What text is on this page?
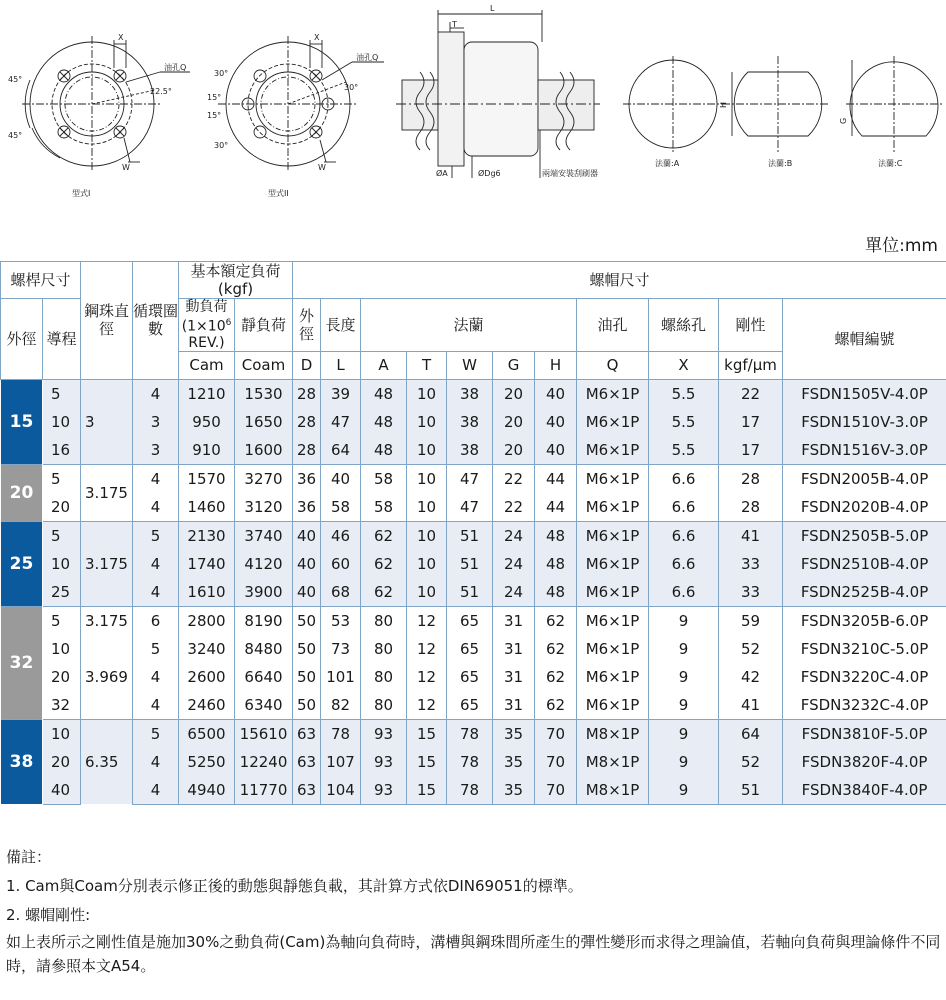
X
油孔Q
45°
45°
22.5°
W
型式I
X
油孔Q
30°
30°
30°
15°
15°
W
型式II
L
T
ØA	ØDg6	兩端安裝刮刷器
法蘭:A	法蘭:B	法蘭:C
H
G
單位:mm
螺桿尺寸		鋼珠直徑	循環圈數	基本額定負荷(kgf)		螺帽尺寸										
外徑	導程			動負荷
($1\times 10^6$
REV.)	靜負荷	外徑	長度	法蘭					油孔	螺絲孔	剛性	螺帽編號
				Cam	Coam	D	L	A	T	W	G	H	Q	X	kgf/μm	
15	5	3	4	1210	1530	28	39	48	10	38	20	40	M6×1P	5.5	22	FSDN1505V-4.0P
	10		3	950	1650	28	47	48	10	38	20	40	M6×1P	5.5	17	FSDN1510V-3.0P
	16		3	910	1600	28	64	48	10	38	20	40	M6×1P	5.5	17	FSDN1516V-3.0P
20	5	3.175	4	1570	3270	36	40	58	10	47	22	44	M6×1P	6.6	28	FSDN2005B-4.0P
	20		4	1460	3120	36	58	58	10	47	22	44	M6×1P	6.6	28	FSDN2020B-4.0P
25	5	3.175	5	2130	3740	40	46	62	10	51	24	48	M6×1P	6.6	41	FSDN2505B-5.0P
	10		4	1740	4120	40	60	62	10	51	24	48	M6×1P	6.6	33	FSDN2510B-4.0P
	25		4	1610	3900	40	68	62	10	51	24	48	M6×1P	6.6	33	FSDN2525B-4.0P
32	5	3.175	6	2800	8190	50	53	80	12	65	31	62	M6×1P	9	59	FSDN3205B-6.0P
	10	3.969	5	3240	8480	50	73	80	12	65	31	62	M6×1P	9	52	FSDN3210C-5.0P
	20		4	2600	6640	50	101	80	12	65	31	62	M6×1P	9	42	FSDN3220C-4.0P
	32		4	2460	6340	50	82	80	12	65	31	62	M6×1P	9	41	FSDN3232C-4.0P
38	10	6.35	5	6500	15610	63	78	93	15	78	35	70	M8×1P	9	64	FSDN3810F-5.0P
	20		4	5250	12240	63	107	93	15	78	35	70	M8×1P	9	52	FSDN3820F-4.0P
	40		4	4940	11770	63	104	93	15	78	35	70	M8×1P	9	51	FSDN3840F-4.0P

備註：

1. Cam與Coam分別表示修正後的動態與靜態負載，其計算方式依DIN69051的標準。

2. 螺帽剛性:

如上表所示之剛性值是施加30%之動負荷(Cam)為軸向負荷時，溝槽與鋼珠間所產生的彈性變形而求得之理論值，若軸向負荷與理論條件不同時，請參照本文A54。
